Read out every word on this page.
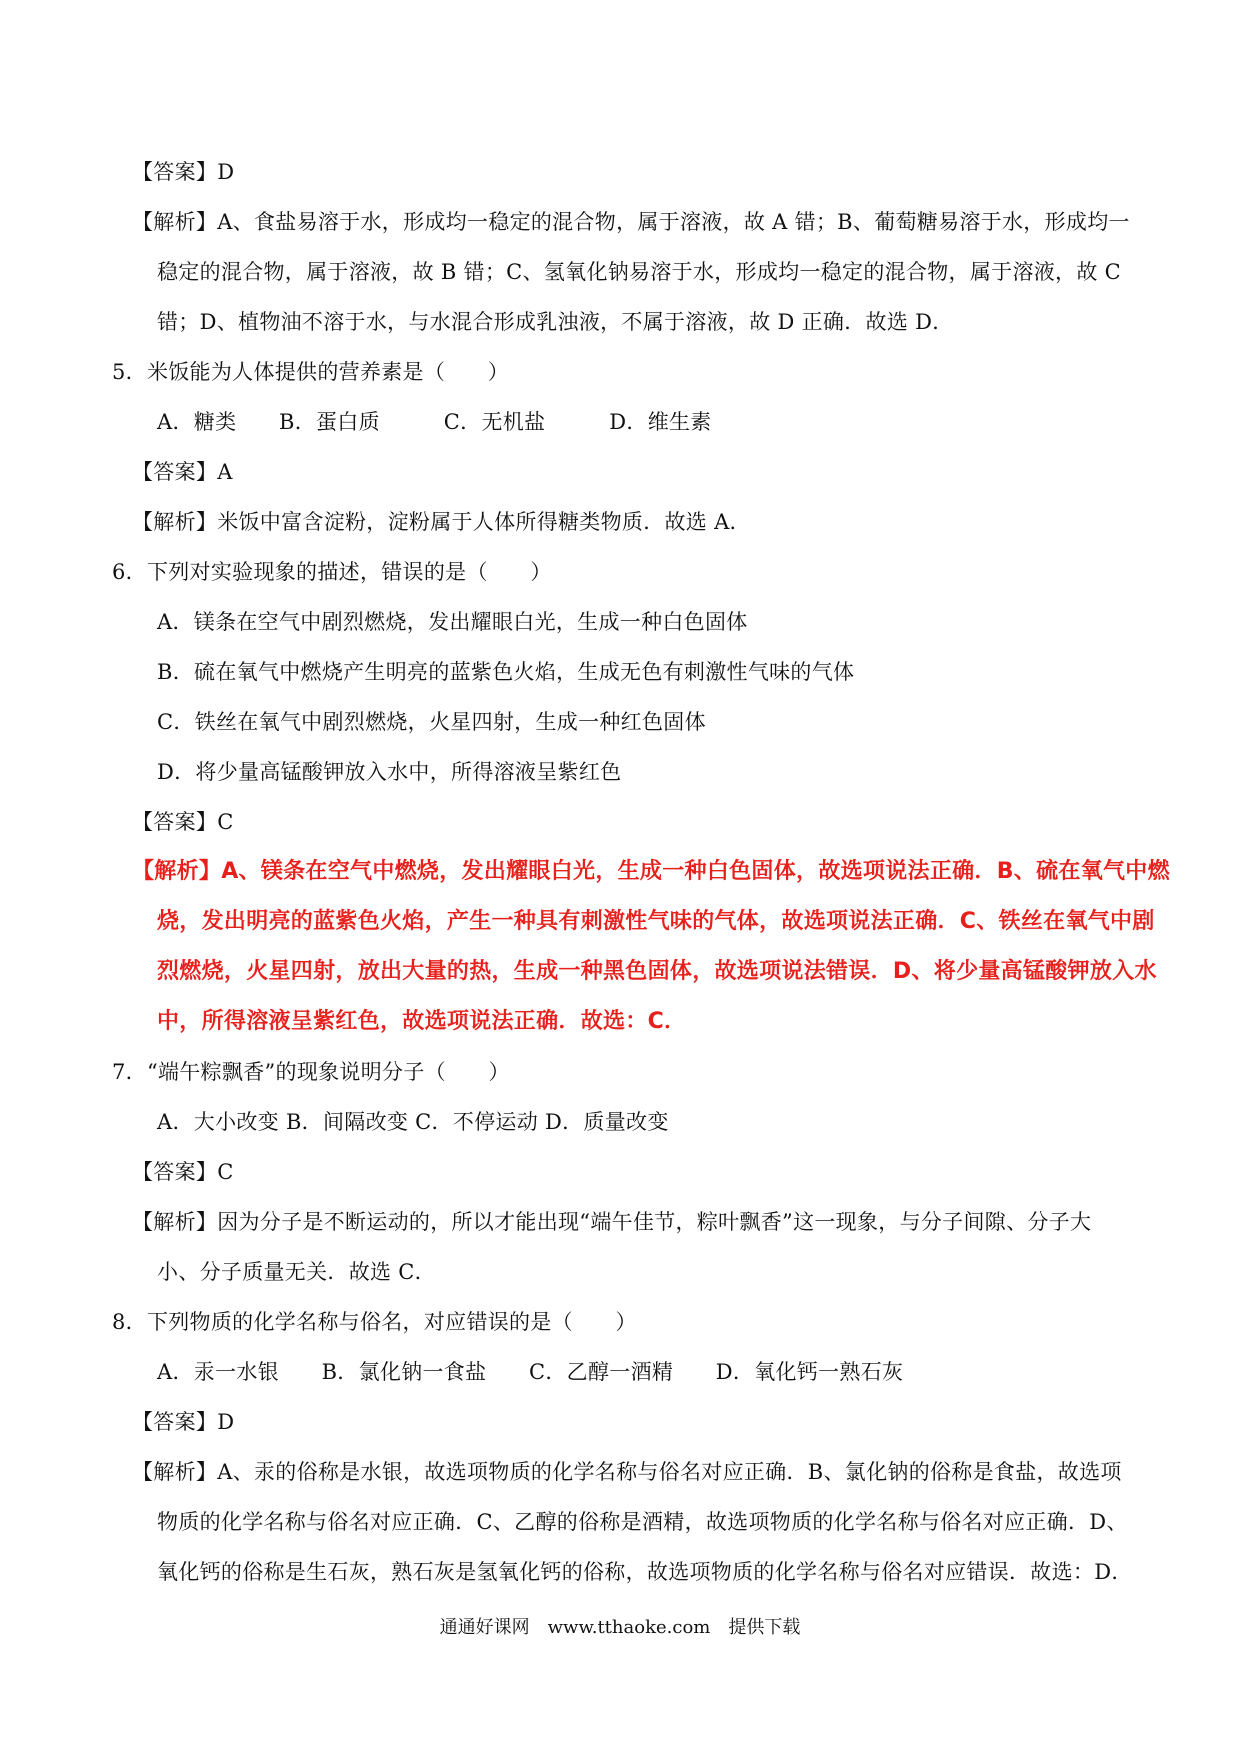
【答案】D
【解析】A、食盐易溶于水，形成均一稳定的混合物，属于溶液，故 A 错；B、葡萄糖易溶于水，形成均一
稳定的混合物，属于溶液，故 B 错；C、氢氧化钠易溶于水，形成均一稳定的混合物，属于溶液，故 C
错；D、植物油不溶于水，与水混合形成乳浊液，不属于溶液，故 D 正确．故选 D．
5．米饭能为人体提供的营养素是（　　）
A．糖类　　B．蛋白质　　　C．无机盐　　　D．维生素
【答案】A
【解析】米饭中富含淀粉，淀粉属于人体所得糖类物质．故选 A．
6．下列对实验现象的描述，错误的是（　　）
A．镁条在空气中剧烈燃烧，发出耀眼白光，生成一种白色固体
B．硫在氧气中燃烧产生明亮的蓝紫色火焰，生成无色有刺激性气味的气体
C．铁丝在氧气中剧烈燃烧，火星四射，生成一种红色固体
D．将少量高锰酸钾放入水中，所得溶液呈紫红色
【答案】C
【解析】A、镁条在空气中燃烧，发出耀眼白光，生成一种白色固体，故选项说法正确．B、硫在氧气中燃
烧，发出明亮的蓝紫色火焰，产生一种具有刺激性气味的气体，故选项说法正确．C、铁丝在氧气中剧
烈燃烧，火星四射，放出大量的热，生成一种黑色固体，故选项说法错误．D、将少量高锰酸钾放入水
中，所得溶液呈紫红色，故选项说法正确．故选：C．
7．“端午粽飘香”的现象说明分子（　　）
A．大小改变 B．间隔改变 C．不停运动 D．质量改变
【答案】C
【解析】因为分子是不断运动的，所以才能出现“端午佳节，粽叶飘香”这一现象，与分子间隙、分子大
小、分子质量无关．故选 C．
8．下列物质的化学名称与俗名，对应错误的是（　　）
A．汞一水银　　B．氯化钠一食盐　　C．乙醇一酒精　　D．氧化钙一熟石灰
【答案】D
【解析】A、汞的俗称是水银，故选项物质的化学名称与俗名对应正确．B、氯化钠的俗称是食盐，故选项
物质的化学名称与俗名对应正确．C、乙醇的俗称是酒精，故选项物质的化学名称与俗名对应正确．D、
氧化钙的俗称是生石灰，熟石灰是氢氧化钙的俗称，故选项物质的化学名称与俗名对应错误．故选：D．
通通好课网　www.tthaoke.com　提供下载
